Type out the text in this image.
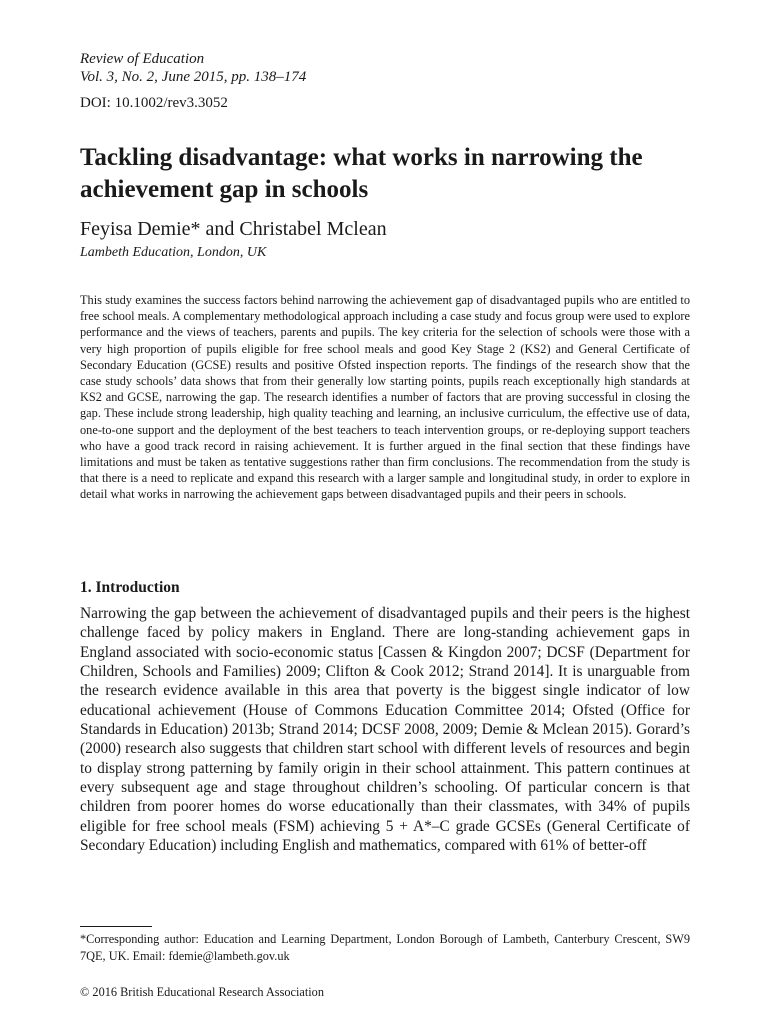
Review of Education
Vol. 3, No. 2, June 2015, pp. 138–174
DOI: 10.1002/rev3.3052
Tackling disadvantage: what works in narrowing the achievement gap in schools
Feyisa Demie* and Christabel Mclean
Lambeth Education, London, UK

This study examines the success factors behind narrowing the achievement gap of disadvantaged pupils who are entitled to free school meals. A complementary methodological approach including a case study and focus group were used to explore performance and the views of teachers, parents and pupils. The key criteria for the selection of schools were those with a very high proportion of pupils eligible for free school meals and good Key Stage 2 (KS2) and General Certificate of Secondary Education (GCSE) results and positive Ofsted inspection reports. The findings of the research show that the case study schools’ data shows that from their generally low starting points, pupils reach exceptionally high standards at KS2 and GCSE, narrowing the gap. The research identifies a number of factors that are proving successful in closing the gap. These include strong leadership, high quality teaching and learning, an inclusive curriculum, the effective use of data, one-to-one support and the deployment of the best teachers to teach intervention groups, or re-deploying support teachers who have a good track record in raising achievement. It is further argued in the final section that these findings have limitations and must be taken as tentative suggestions rather than firm conclusions. The recommendation from the study is that there is a need to replicate and expand this research with a larger sample and longitudinal study, in order to explore in detail what works in narrowing the achievement gaps between disadvantaged pupils and their peers in schools.

1. Introduction

Narrowing the gap between the achievement of disadvantaged pupils and their peers is the highest challenge faced by policy makers in England. There are long-standing achievement gaps in England associated with socio-economic status [Cassen & Kingdon 2007; DCSF (Department for Children, Schools and Families) 2009; Clifton & Cook 2012; Strand 2014]. It is unarguable from the research evidence available in this area that poverty is the biggest single indicator of low educational achievement (House of Commons Education Committee 2014; Ofsted (Office for Standards in Education) 2013b; Strand 2014; DCSF 2008, 2009; Demie & Mclean 2015). Gorard’s (2000) research also suggests that children start school with different levels of resources and begin to display strong patterning by family origin in their school attainment. This pattern continues at every subsequent age and stage throughout children’s schooling. Of particular concern is that children from poorer homes do worse educationally than their classmates, with 34% of pupils eligible for free school meals (FSM) achieving 5 + A*–C grade GCSEs (General Certificate of Secondary Education) including English and mathematics, compared with 61% of better-off

*Corresponding author: Education and Learning Department, London Borough of Lambeth, Canterbury Crescent, SW9 7QE, UK. Email: fdemie@lambeth.gov.uk

© 2016 British Educational Research Association
